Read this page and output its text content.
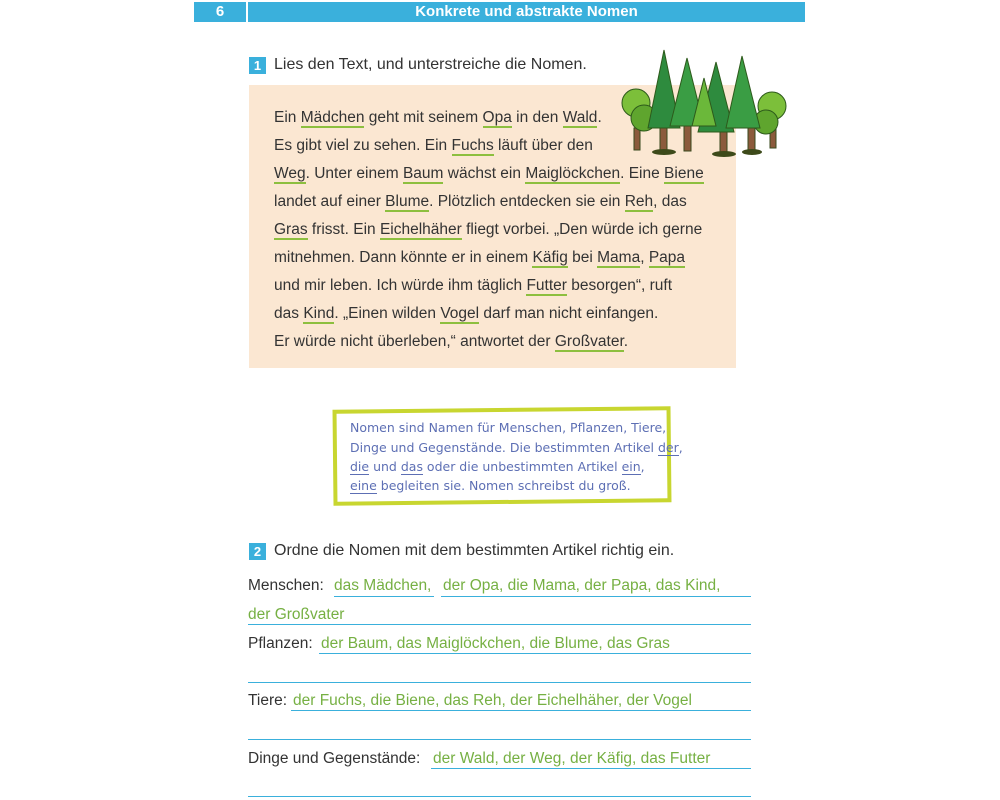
6	Konkrete und abstrakte Nomen
1 Lies den Text, und unterstreiche die Nomen.
Ein Mädchen geht mit seinem Opa in den Wald.
Es gibt viel zu sehen. Ein Fuchs läuft über den
Weg. Unter einem Baum wächst ein Maiglöckchen. Eine Biene
landet auf einer Blume. Plötzlich entdecken sie ein Reh, das
Gras frisst. Ein Eichelhäher fliegt vorbei. „Den würde ich gerne
mitnehmen. Dann könnte er in einem Käfig bei Mama, Papa
und mir leben. Ich würde ihm täglich Futter besorgen“, ruft
das Kind. „Einen wilden Vogel darf man nicht einfangen.
Er würde nicht überleben,“ antwortet der Großvater.
Nomen sind Namen für Menschen, Pflanzen, Tiere,
Dinge und Gegenstände. Die bestimmten Artikel der,
die und das oder die unbestimmten Artikel ein,
eine begleiten sie. Nomen schreibst du groß.
2 Ordne die Nomen mit dem bestimmten Artikel richtig ein.
Menschen: das Mädchen, der Opa, die Mama, der Papa, das Kind,
der Großvater
Pflanzen: der Baum, das Maiglöckchen, die Blume, das Gras
Tiere: der Fuchs, die Biene, das Reh, der Eichelhäher, der Vogel
Dinge und Gegenstände: der Wald, der Weg, der Käfig, das Futter
